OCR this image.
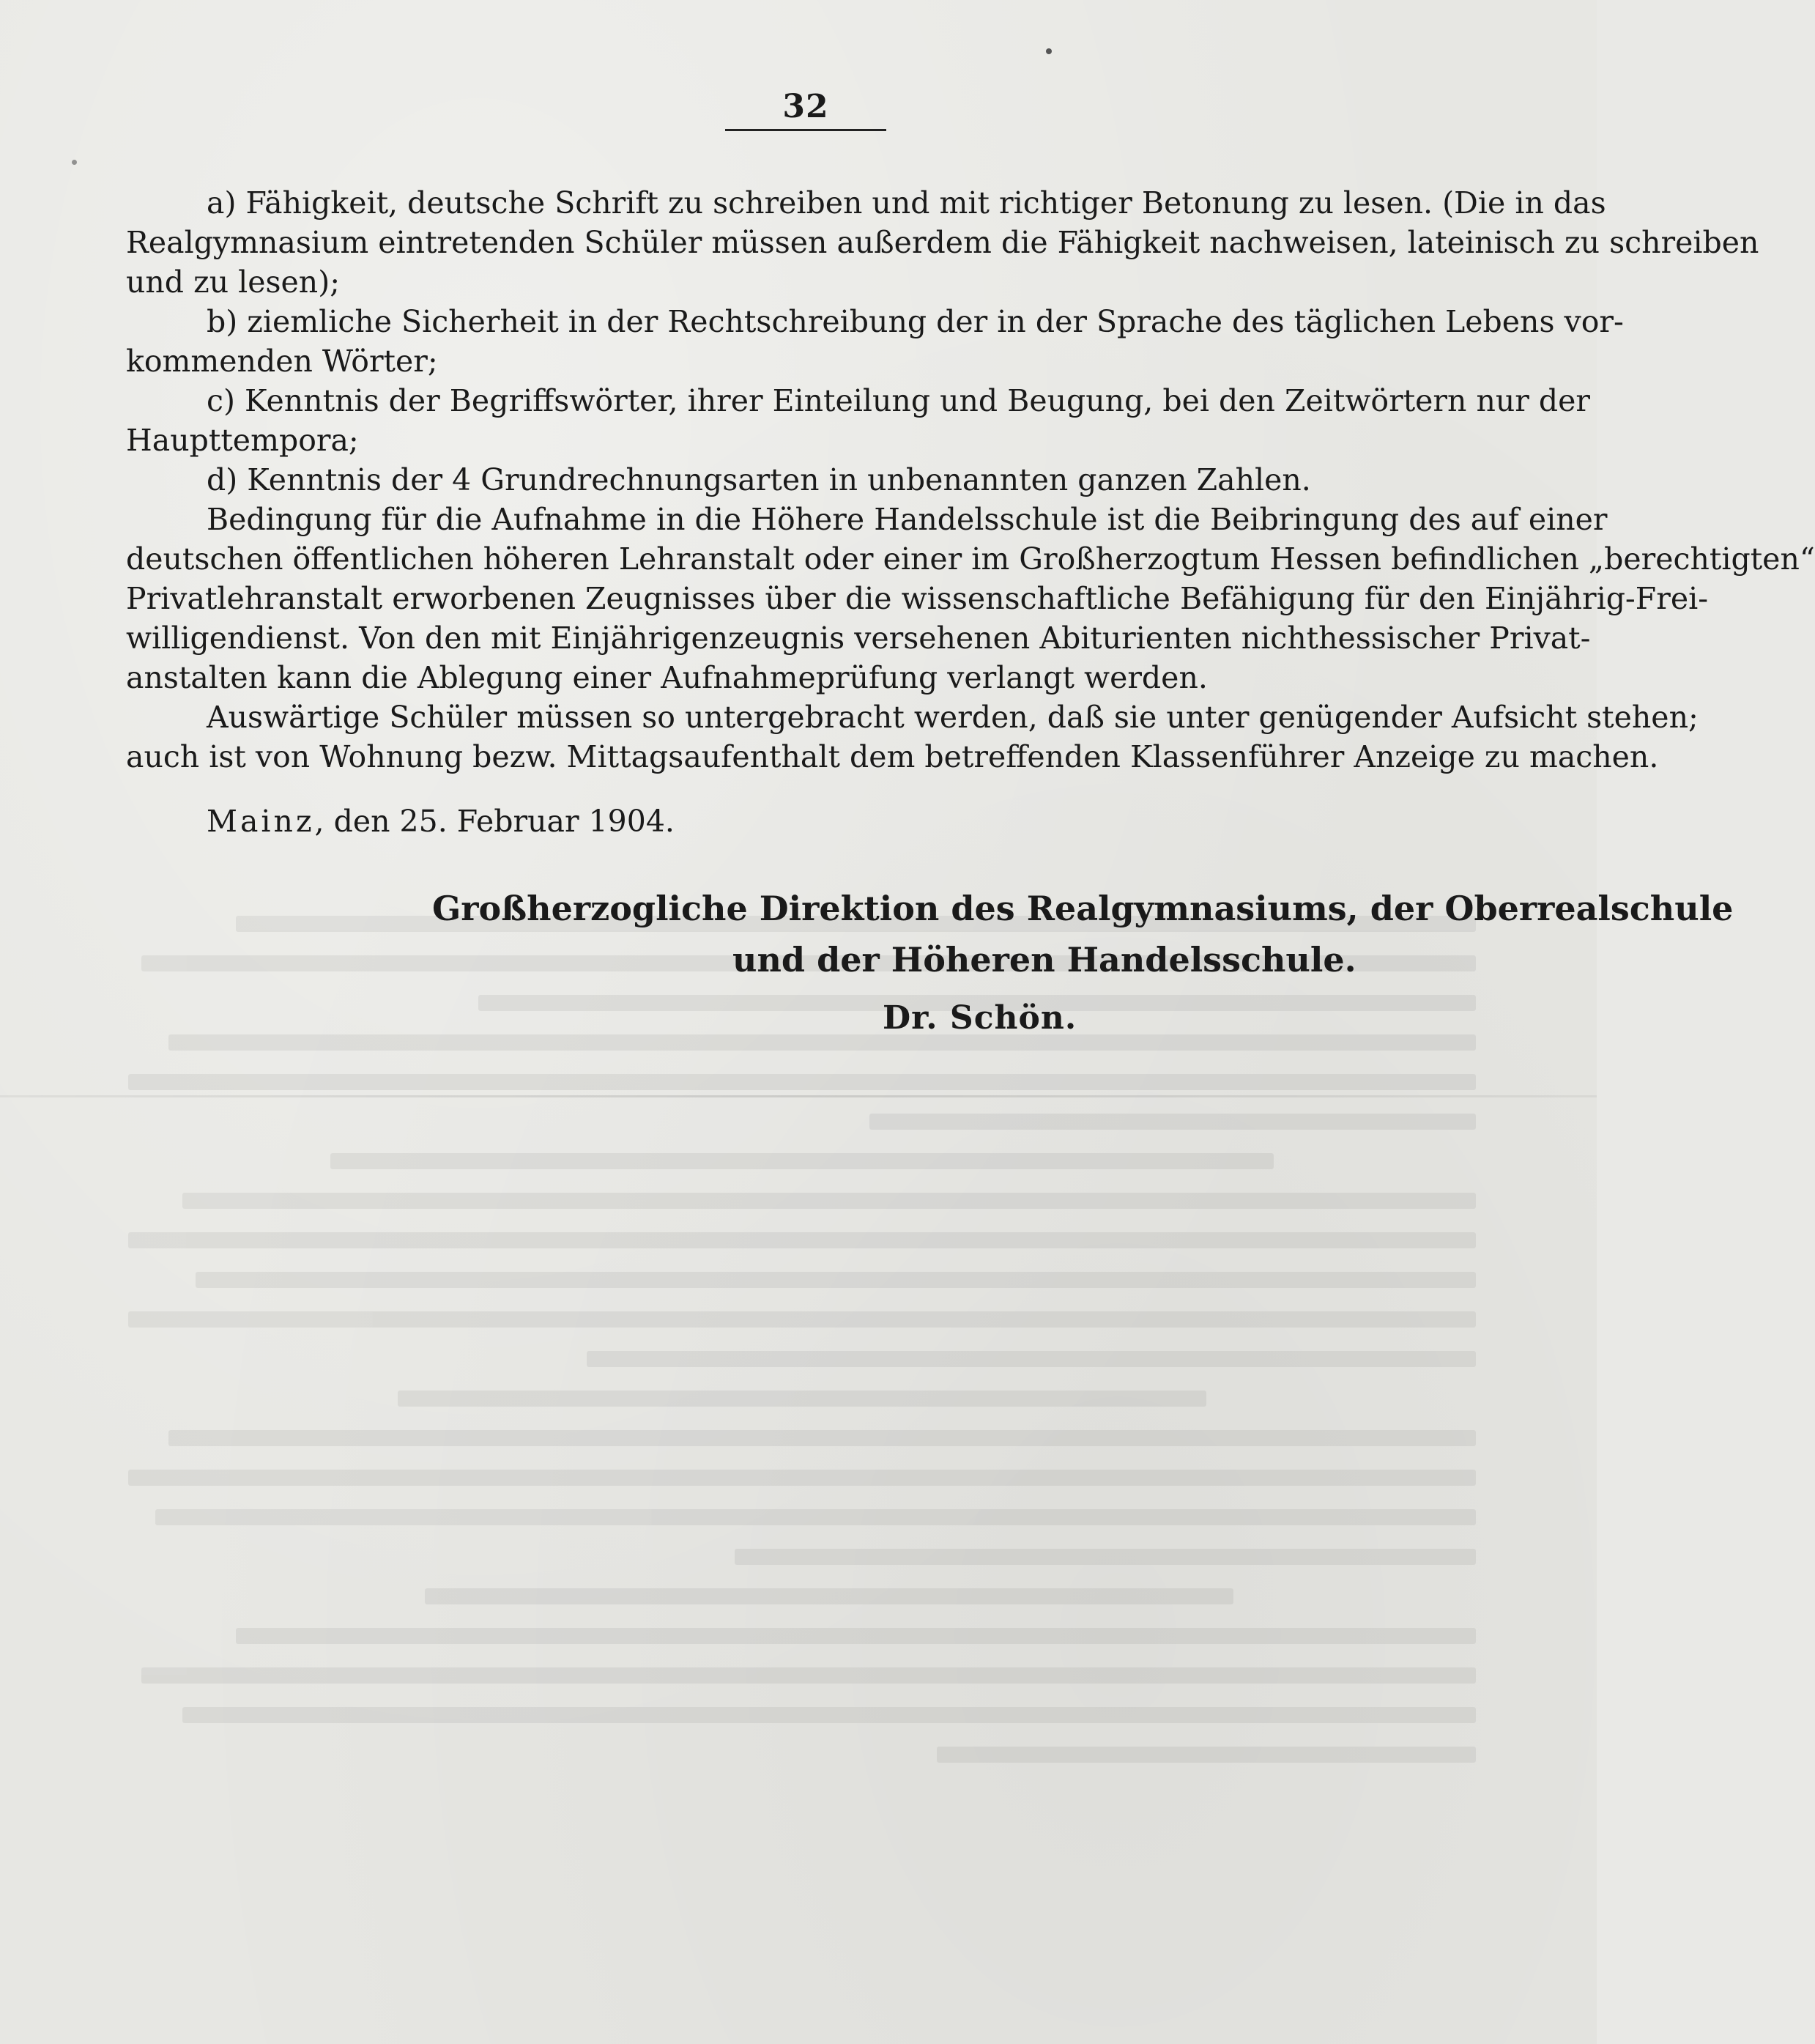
32
a) Fähigkeit, deutsche Schrift zu schreiben und mit richtiger Betonung zu lesen. (Die in das
Realgymnasium eintretenden Schüler müssen außerdem die Fähigkeit nachweisen, lateinisch zu schreiben
und zu lesen);
b) ziemliche Sicherheit in der Rechtschreibung der in der Sprache des täglichen Lebens vor-
kommenden Wörter;
c) Kenntnis der Begriffswörter, ihrer Einteilung und Beugung, bei den Zeitwörtern nur der
Haupttempora;
d) Kenntnis der 4 Grundrechnungsarten in unbenannten ganzen Zahlen.
Bedingung für die Aufnahme in die Höhere Handelsschule ist die Beibringung des auf einer
deutschen öffentlichen höheren Lehranstalt oder einer im Großherzogtum Hessen befindlichen „berechtigten“
Privatlehranstalt erworbenen Zeugnisses über die wissenschaftliche Befähigung für den Einjährig-Frei-
willigendienst. Von den mit Einjährigenzeugnis versehenen Abiturienten nichthessischer Privat-
anstalten kann die Ablegung einer Aufnahmeprüfung verlangt werden.
Auswärtige Schüler müssen so untergebracht werden, daß sie unter genügender Aufsicht stehen;
auch ist von Wohnung bezw. Mittagsaufenthalt dem betreffenden Klassenführer Anzeige zu machen.
Mainz, den 25. Februar 1904.
Großherzogliche Direktion des Realgymnasiums, der Oberrealschule
und der Höheren Handelsschule.
Dr. Schön.
